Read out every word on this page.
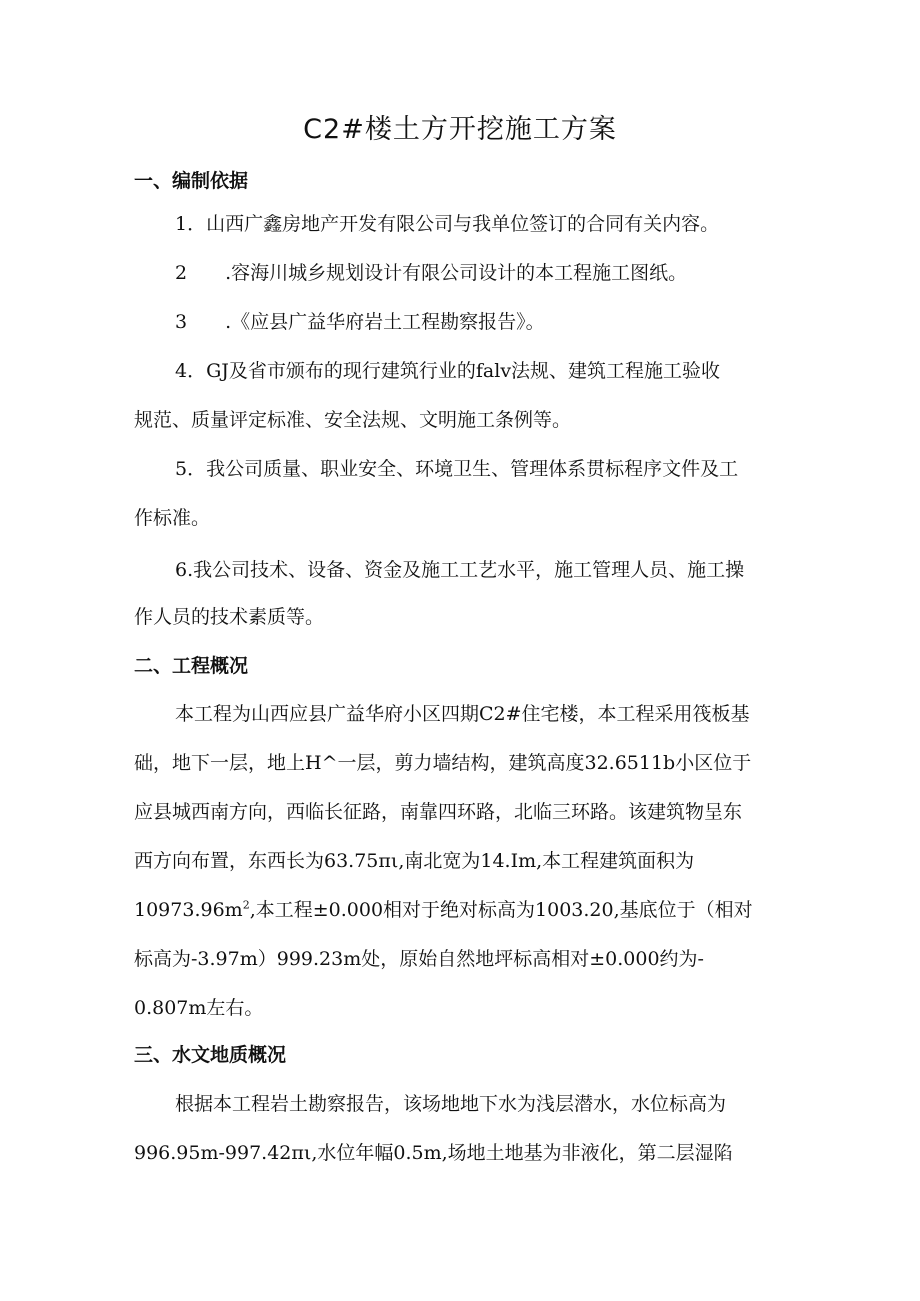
C2#楼土方开挖施工方案
一、编制依据
1．山西广鑫房地产开发有限公司与我单位签订的合同有关内容。
2　　.容海川城乡规划设计有限公司设计的本工程施工图纸。
3　　.《应县广益华府岩土工程勘察报告》。
4．GJ及省市颁布的现行建筑行业的falv法规、建筑工程施工验收
规范、质量评定标准、安全法规、文明施工条例等。
5．我公司质量、职业安全、环境卫生、管理体系贯标程序文件及工
作标准。
6.我公司技术、设备、资金及施工工艺水平，施工管理人员、施工操
作人员的技术素质等。
二、工程概况
本工程为山西应县广益华府小区四期C2#住宅楼，本工程采用筏板基
础，地下一层，地上H^一层，剪力墙结构，建筑高度32.6511b小区位于
应县城西南方向，西临长征路，南靠四环路，北临三环路。该建筑物呈东
西方向布置，东西长为63.75πι,南北宽为14.Im,本工程建筑面积为
$10973.96m^2$,本工程±0.000相对于绝对标高为1003.20,基底位于（相对
标高为-3.97m）999.23m处，原始自然地坪标高相对±0.000约为-
0.807m左右。
三、水文地质概况
根据本工程岩土勘察报告，该场地地下水为浅层潜水，水位标高为
996.95m-997.42πι,水位年幅0.5m,场地土地基为非液化，第二层湿陷
